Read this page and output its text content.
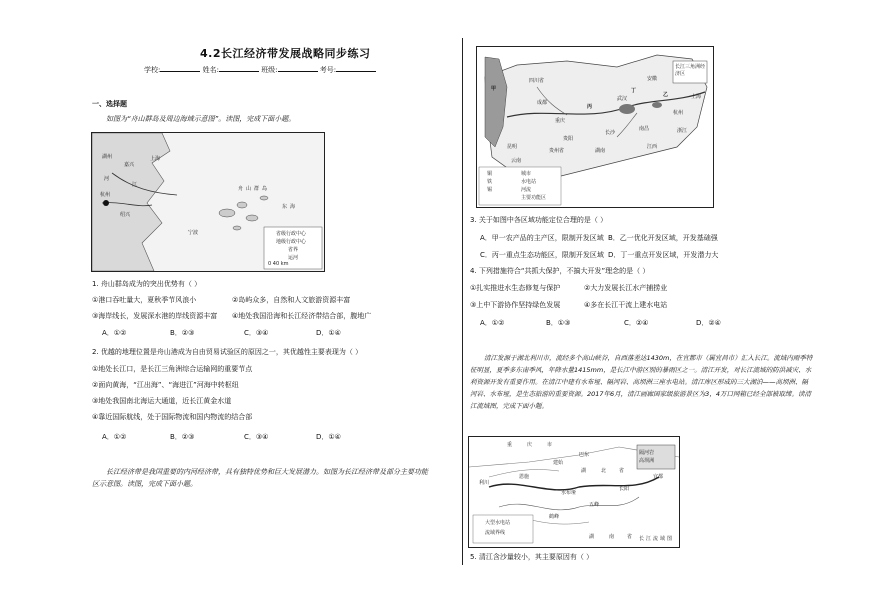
4.2长江经济带发展战略同步练习
学校:	姓名:	班级:	考号:
一、选择题
如图为“舟山群岛及周边海域示意图”。读图，完成下面小题。
湖州
嘉兴
上海
江
杭州
河
绍兴
宁波
舟 山 群 岛
东 海
省级行政中心
地级行政中心
省界
运河
0 40 km
1. 舟山群岛成为的突出优势有（ ）
①港口吞吐量大，夏秋季节风浪小	②岛屿众多，自然和人文旅游资源丰富
③海岸线长，发展深水港的岸线资源丰富 ④地处我国沿海和长江经济带结合部，腹地广
A．①②	B．②③	C．③④	D．①④
2. 优越的地理位置是舟山港成为自由贸易试验区的原因之一，其优越性主要表现为（ ）
①地处长江口，是长江三角洲综合运输网的重要节点
②面向黄海，“江出海”、“海进江”河海中转枢纽
③地处我国南北海运大通道，近长江黄金水道
④靠近国际航线，处于国际物流和国内物流的结合部
A．①②	B．②③	C．③④	D．①④
长江经济带是我国重要的内河经济带，具有独特优势和巨大发展潜力。如图为长江经济带及部分主要功能区示意图。读图，完成下面小题。
四川省
贵州省
成都
重庆
武汉
长沙
南昌
安徽
杭州
上海
长江三角洲经济区
云南
湖南
江西
浙江
昆明
贵阳
甲
乙
丙
丁
城市
水电站
铜
河流
铁
锡
主要功能区
3. 关于如图中各区域功能定位合理的是（ ）
A．甲一农产品的主产区，限制开发区域 B．乙一优化开发区域，开发基础强
C．丙一重点生态功能区，限制开发区域 D．丁一重点开发区域，开发潜力大
4. 下列措施符合“共抓大保护，不搞大开发”理念的是（ ）
①扎实推进水生态修复与保护	②大力发展长江水产捕捞业
③上中下游协作坚持绿色发展	④多在长江干流上建水电站
A．①②	B．①③	C．②④	D．②④
清江发源于湖北利川市，流经多个高山峡谷，自西落差达1430m，在宜都市（属宜昌市）汇入长江。流域内雨季特征明显，夏季多东南季风，年降水量1415mm，是长江中游区别的暴雨区之一。清江开发，对长江流域的防洪减灾、水利资源开发有重要作用。在清江中建有水布垭、隔河岩、高坝洲三座水电站。清江库区形成的三大湖泊——高坝洲、隔河岩、水布垭，是生态旅游的重要资源。2017年6月，清江画廊国家级旅游景区为3，4万口网箱已经全部被取缔。读清江流域图，完成下面小题。
重	庆	市
湖	北	省
湖	南	省 长 江 流 域 图
利川
恩施
建始
巴东
长阳
宜都
水布垭
隔河岩
高坝洲
鹤峰
五峰
大型水电站
流域界线
5. 清江含沙量较小，其主要原因有（ ）
